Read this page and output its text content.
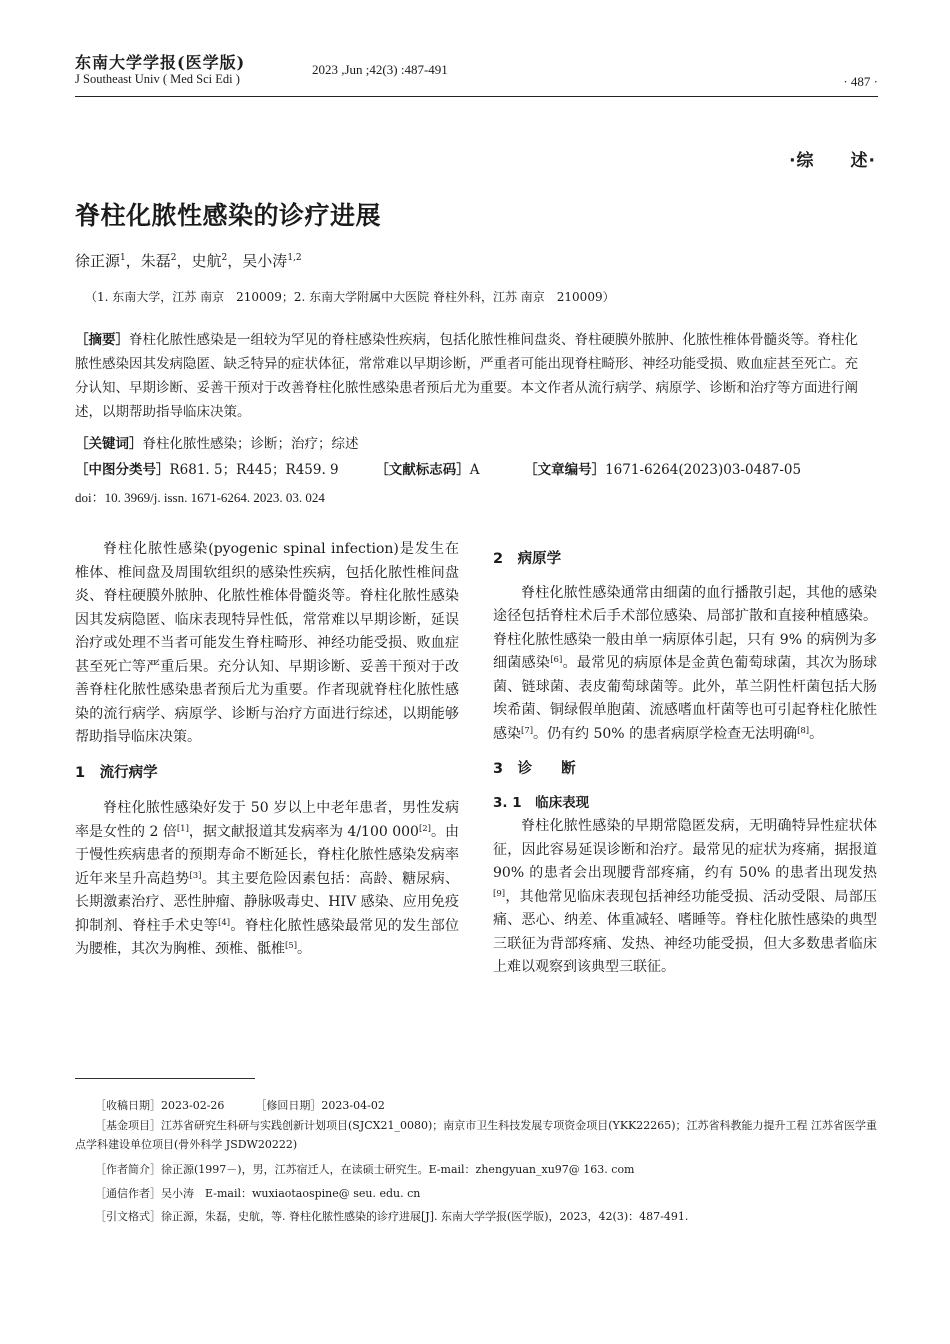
东南大学学报(医学版)
J Southeast Univ ( Med Sci Edi )
2023 ,Jun ;42(3) :487-491
· 487 ·
·综　　述·
脊柱化脓性感染的诊疗进展
徐正源$^1$，朱磊$^2$，史航$^2$，吴小涛$^{1,2}$
（1. 东南大学，江苏 南京　210009；2. 东南大学附属中大医院 脊柱外科，江苏 南京　210009）
［摘要］脊柱化脓性感染是一组较为罕见的脊柱感染性疾病，包括化脓性椎间盘炎、脊柱硬膜外脓肿、化脓性椎体骨髓炎等。脊柱化脓性感染因其发病隐匿、缺乏特异的症状体征，常常难以早期诊断，严重者可能出现脊柱畸形、神经功能受损、败血症甚至死亡。充分认知、早期诊断、妥善干预对于改善脊柱化脓性感染患者预后尤为重要。本文作者从流行病学、病原学、诊断和治疗等方面进行阐述，以期帮助指导临床决策。
［关键词］脊柱化脓性感染；诊断；治疗；综述
［中图分类号］R681. 5；R445；R459. 9	［文献标志码］A	［文章编号］1671-6264(2023)03-0487-05
doi：10. 3969/j. issn. 1671-6264. 2023. 03. 024

脊柱化脓性感染(pyogenic spinal infection)是发生在椎体、椎间盘及周围软组织的感染性疾病，包括化脓性椎间盘炎、脊柱硬膜外脓肿、化脓性椎体骨髓炎等。脊柱化脓性感染因其发病隐匿、临床表现特异性低，常常难以早期诊断，延误治疗或处理不当者可能发生脊柱畸形、神经功能受损、败血症甚至死亡等严重后果。充分认知、早期诊断、妥善干预对于改善脊柱化脓性感染患者预后尤为重要。作者现就脊柱化脓性感染的流行病学、病原学、诊断与治疗方面进行综述，以期能够帮助指导临床决策。

1　流行病学

脊柱化脓性感染好发于 50 岁以上中老年患者，男性发病率是女性的 2 倍[1]，据文献报道其发病率为 4/100 000[2]。由于慢性疾病患者的预期寿命不断延长，脊柱化脓性感染发病率近年来呈升高趋势[3]。其主要危险因素包括：高龄、糖尿病、长期激素治疗、恶性肿瘤、静脉吸毒史、HIV 感染、应用免疫抑制剂、脊柱手术史等[4]。脊柱化脓性感染最常见的发生部位为腰椎，其次为胸椎、颈椎、骶椎[5]。

2　病原学

脊柱化脓性感染通常由细菌的血行播散引起，其他的感染途径包括脊柱术后手术部位感染、局部扩散和直接种植感染。脊柱化脓性感染一般由单一病原体引起，只有 9% 的病例为多细菌感染[6]。最常见的病原体是金黄色葡萄球菌，其次为肠球菌、链球菌、表皮葡萄球菌等。此外，革兰阴性杆菌包括大肠埃希菌、铜绿假单胞菌、流感嗜血杆菌等也可引起脊柱化脓性感染[7]。仍有约 50% 的患者病原学检查无法明确[8]。

3　诊　　断

3. 1　临床表现

脊柱化脓性感染的早期常隐匿发病，无明确特异性症状体征，因此容易延误诊断和治疗。最常见的症状为疼痛，据报道 90% 的患者会出现腰背部疼痛，约有 50% 的患者出现发热[9]，其他常见临床表现包括神经功能受损、活动受限、局部压痛、恶心、纳差、体重减轻、嗜睡等。脊柱化脓性感染的典型三联征为背部疼痛、发热、神经功能受损，但大多数患者临床上难以观察到该典型三联征。

［收稿日期］2023-02-26	［修回日期］2023-04-02
［基金项目］江苏省研究生科研与实践创新计划项目(SJCX21_0080)；南京市卫生科技发展专项资金项目(YKK22265)；江苏省科教能力提升工程 江苏省医学重点学科建设单位项目(骨外科学 JSDW20222)
［作者简介］徐正源(1997－)，男，江苏宿迁人，在读硕士研究生。E-mail：zhengyuan_xu97@ 163. com
［通信作者］吴小涛　E-mail：wuxiaotaospine@ seu. edu. cn
［引文格式］徐正源，朱磊，史航，等. 脊柱化脓性感染的诊疗进展[J]. 东南大学学报(医学版)，2023，42(3)：487-491.
